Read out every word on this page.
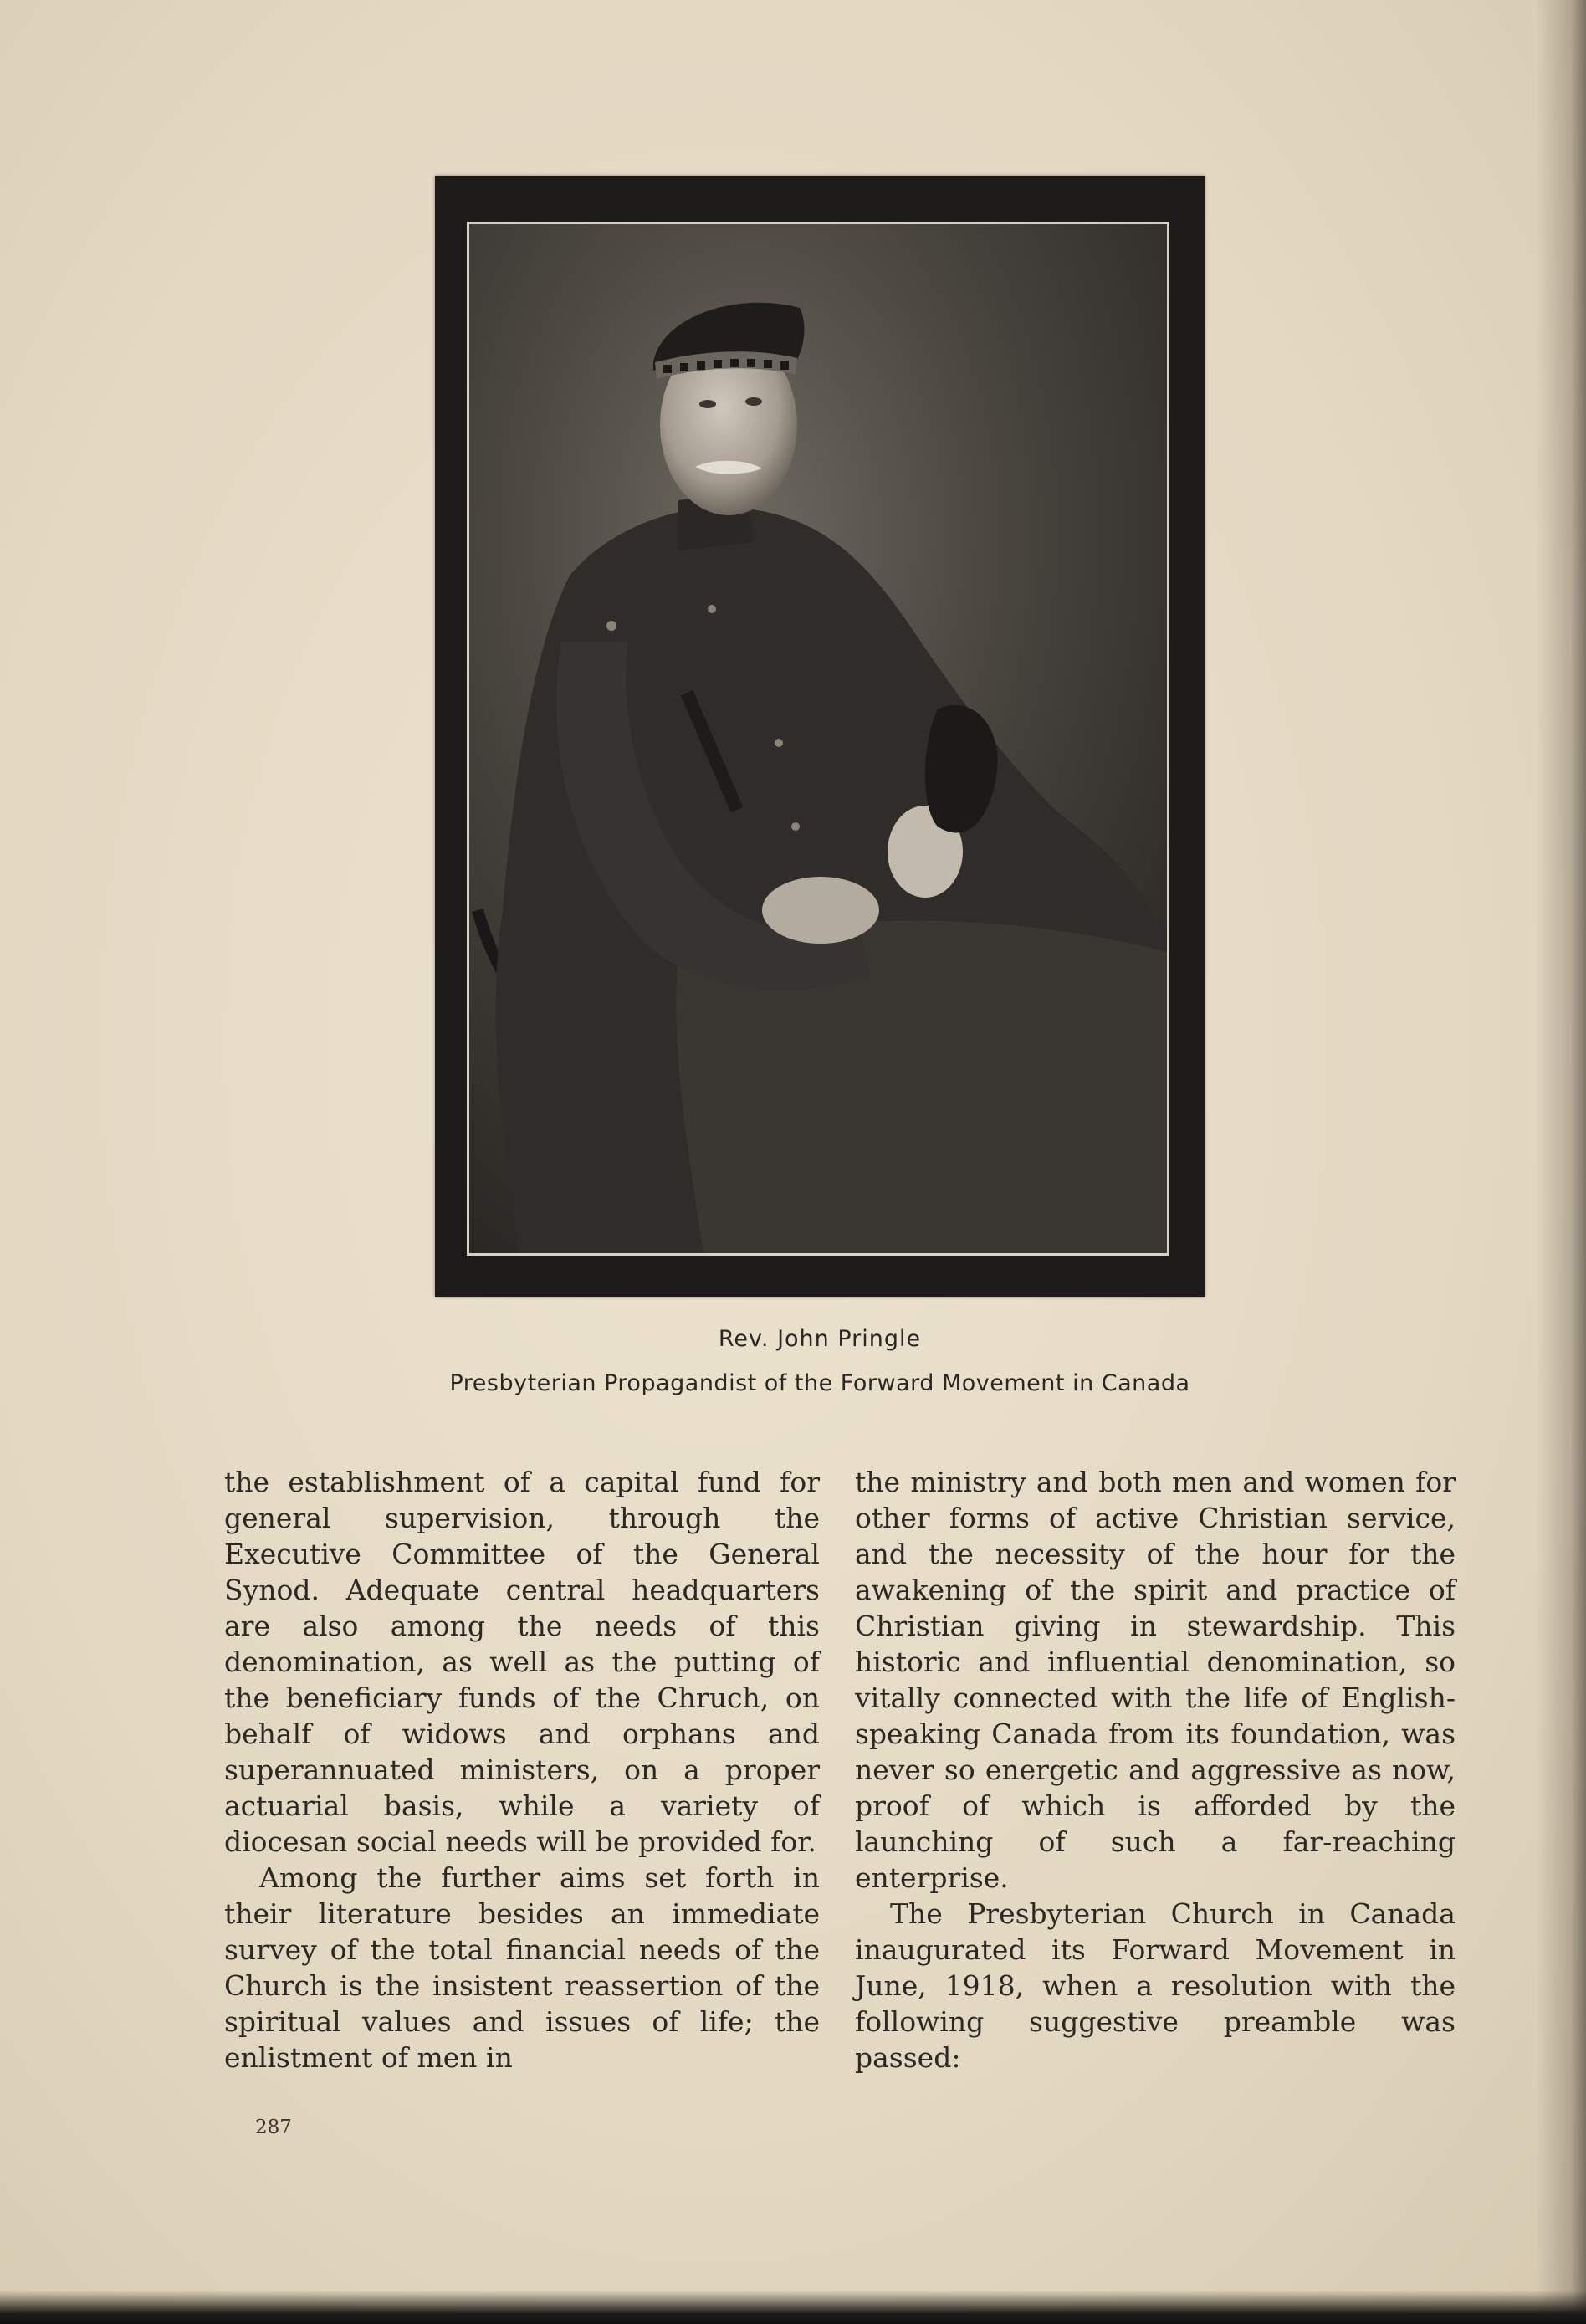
Rev. John Pringle
Presbyterian Propagandist of the Forward Movement in Canada

the establishment of a capital fund for general supervision, through the Executive Committee of the General Synod. Adequate central headquarters are also among the needs of this denomination, as well as the putting of the beneficiary funds of the Chruch, on behalf of widows and orphans and superannuated ministers, on a proper actuarial basis, while a variety of diocesan social needs will be provided for.

Among the further aims set forth in their literature besides an immediate survey of the total financial needs of the Church is the insistent reassertion of the spiritual values and issues of life; the enlistment of men in

the ministry and both men and women for other forms of active Christian service, and the necessity of the hour for the awakening of the spirit and practice of Christian giving in stewardship. This historic and influential denomination, so vitally connected with the life of English-speaking Canada from its foundation, was never so energetic and aggressive as now, proof of which is afforded by the launching of such a far-reaching enterprise.

The Presbyterian Church in Canada inaugurated its Forward Movement in June, 1918, when a resolution with the following suggestive preamble was passed:

287
